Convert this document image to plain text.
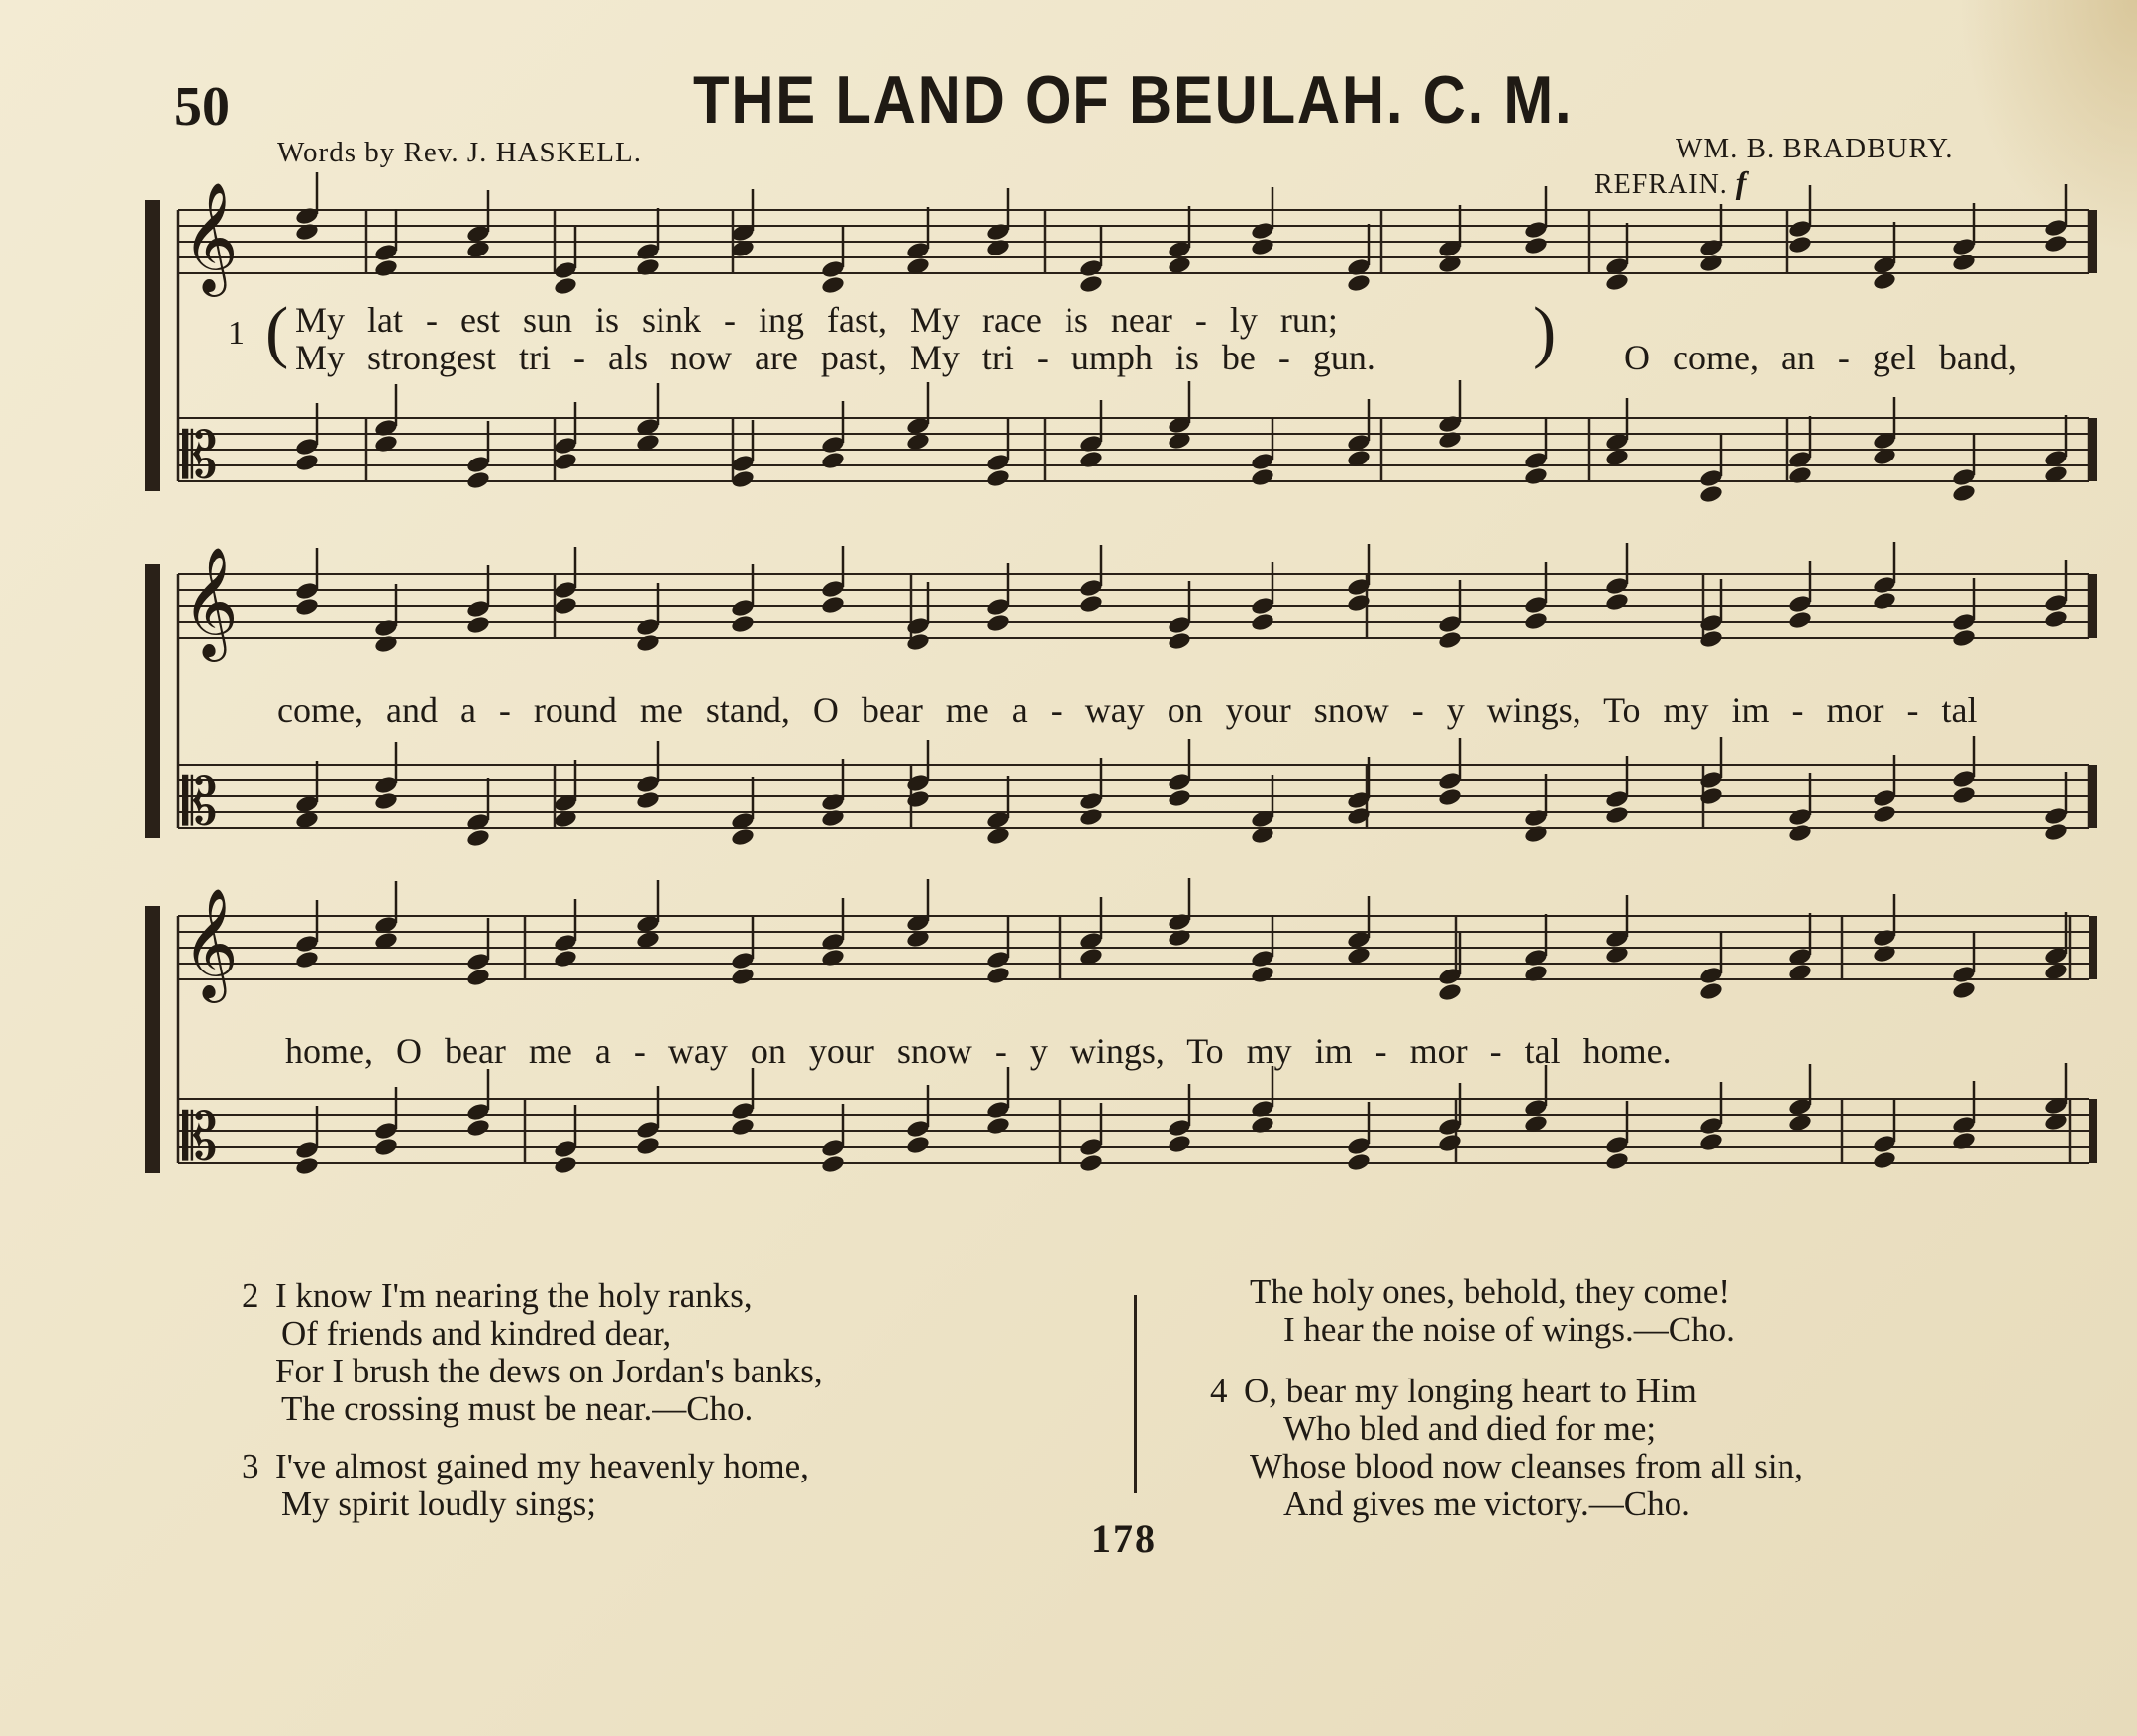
50	THE LAND OF BEULAH. C. M.
Words by Rev. J. HASKELL.	WM. B. BRADBURY.
REFRAIN. f
𝄞
𝄡
𝄞
𝄡
𝄞
𝄡
1 ( My lat - est sun is sink - ing fast, My race is near - ly run;
My strongest tri - als now are past, My tri - umph is be - gun. ) O come, an - gel band,
come, and a - round me stand, O bear me a - way on your snow - y wings, To my im - mor - tal
home, O bear me a - way on your snow - y wings, To my im - mor - tal home.
2 I know I'm nearing the holy ranks,
Of friends and kindred dear,
For I brush the dews on Jordan's banks,
The crossing must be near.—Cho.
3 I've almost gained my heavenly home,
My spirit loudly sings;
The holy ones, behold, they come!
I hear the noise of wings.—Cho.
4 O, bear my longing heart to Him
Who bled and died for me;
Whose blood now cleanses from all sin,
And gives me victory.—Cho.
178
